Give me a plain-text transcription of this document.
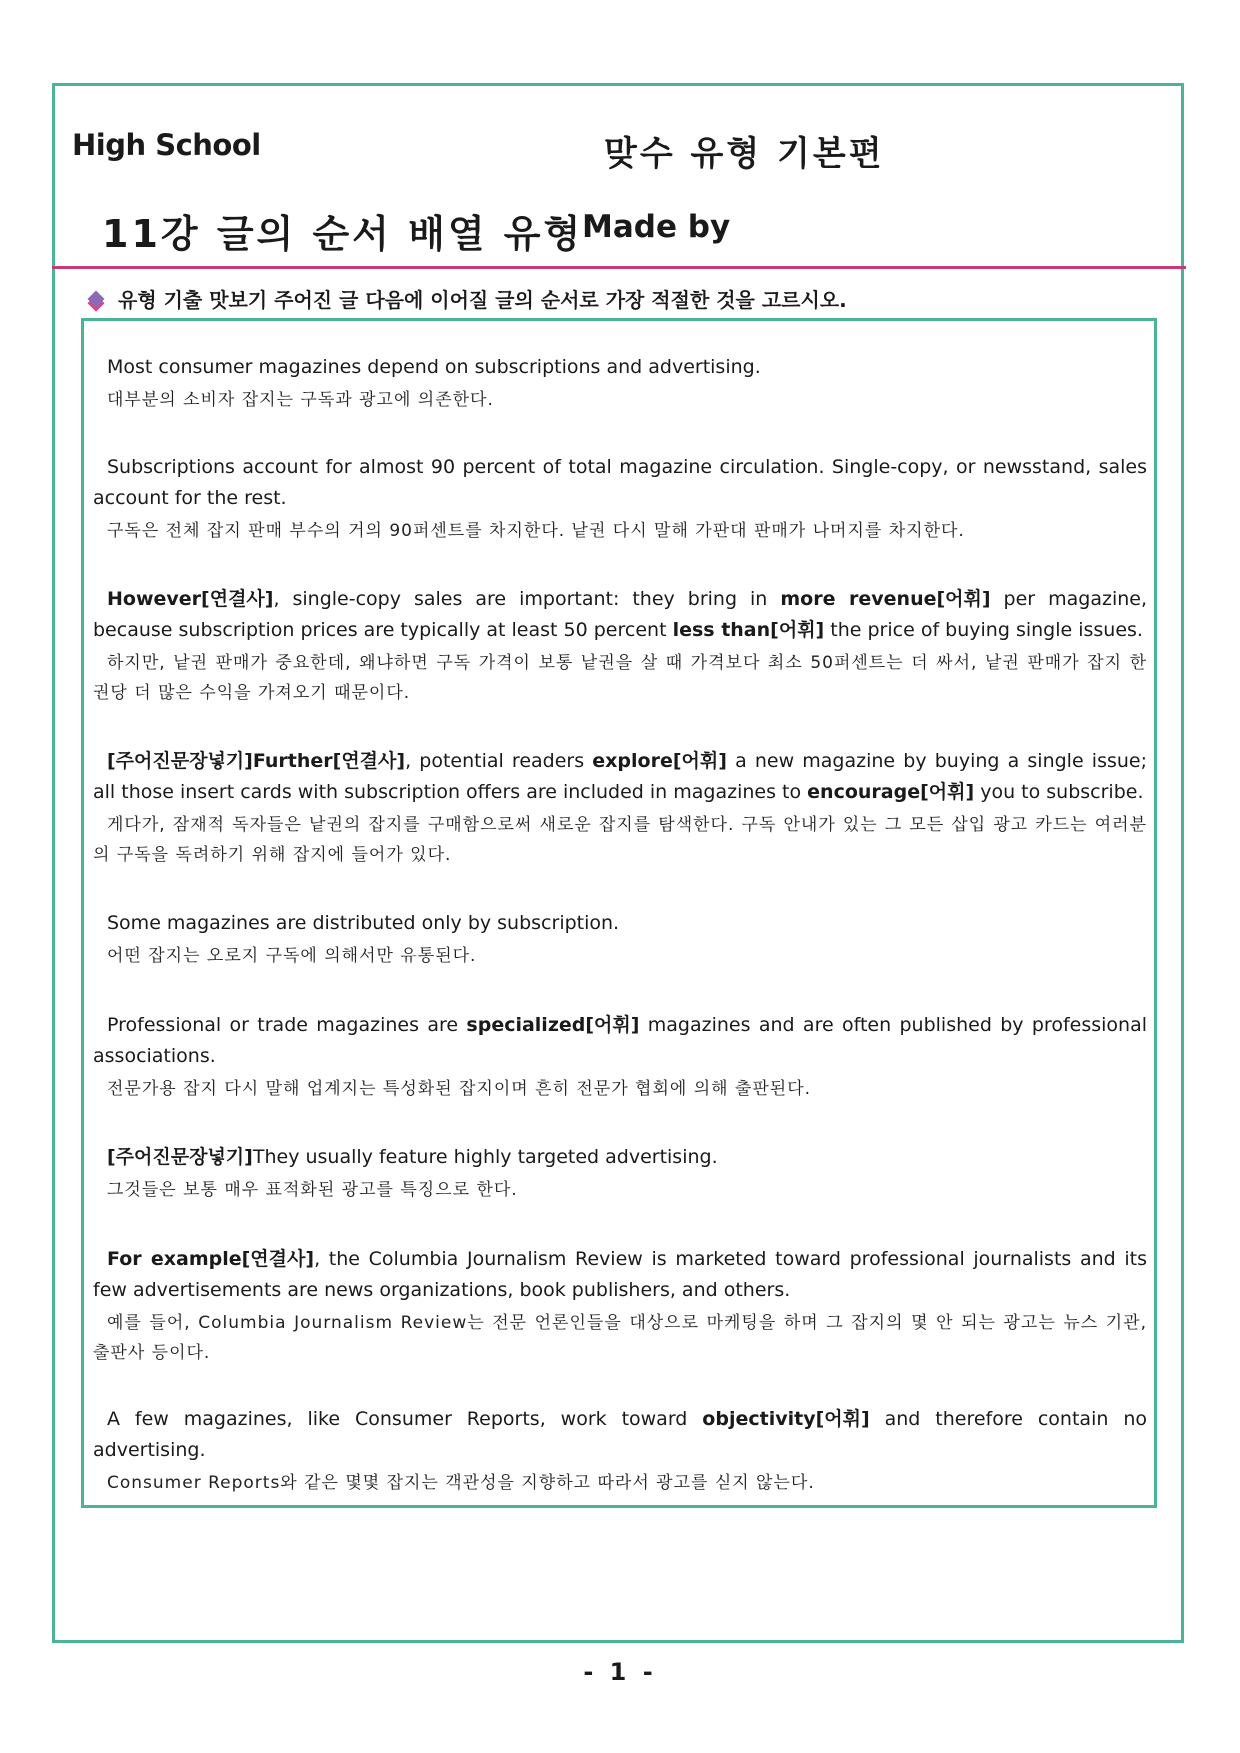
High School	맞수 유형 기본편
11강 글의 순서 배열 유형
Made by
유형 기출 맛보기 주어진 글 다음에 이어질 글의 순서로 가장 적절한 것을 고르시오.

Most consumer magazines depend on subscriptions and advertising.

대부분의 소비자 잡지는 구독과 광고에 의존한다.

Subscriptions account for almost 90 percent of total magazine circulation. Single-copy, or newsstand, sales account for the rest.

구독은 전체 잡지 판매 부수의 거의 90퍼센트를 차지한다. 낱권 다시 말해 가판대 판매가 나머지를 차지한다.

However[연결사], single-copy sales are important: they bring in more revenue[어휘] per magazine, because subscription prices are typically at least 50 percent less than[어휘] the price of buying single issues.

하지만, 낱권 판매가 중요한데, 왜냐하면 구독 가격이 보통 낱권을 살 때 가격보다 최소 50퍼센트는 더 싸서, 낱권 판매가 잡지 한 권당 더 많은 수익을 가져오기 때문이다.

[주어진문장넣기]Further[연결사], potential readers explore[어휘] a new magazine by buying a single issue; all those insert cards with subscription offers are included in magazines to encourage[어휘] you to subscribe.

게다가, 잠재적 독자들은 낱권의 잡지를 구매함으로써 새로운 잡지를 탐색한다. 구독 안내가 있는 그 모든 삽입 광고 카드는 여러분의 구독을 독려하기 위해 잡지에 들어가 있다.

Some magazines are distributed only by subscription.

어떤 잡지는 오로지 구독에 의해서만 유통된다.

Professional or trade magazines are specialized[어휘] magazines and are often published by professional associations.

전문가용 잡지 다시 말해 업계지는 특성화된 잡지이며 흔히 전문가 협회에 의해 출판된다.

[주어진문장넣기]They usually feature highly targeted advertising.

그것들은 보통 매우 표적화된 광고를 특징으로 한다.

For example[연결사], the Columbia Journalism Review is marketed toward professional journalists and its few advertisements are news organizations, book publishers, and others.

예를 들어, Columbia Journalism Review는 전문 언론인들을 대상으로 마케팅을 하며 그 잡지의 몇 안 되는 광고는 뉴스 기관, 출판사 등이다.

A few magazines, like Consumer Reports, work toward objectivity[어휘] and therefore contain no advertising.

Consumer Reports와 같은 몇몇 잡지는 객관성을 지향하고 따라서 광고를 싣지 않는다.

- 1 -
